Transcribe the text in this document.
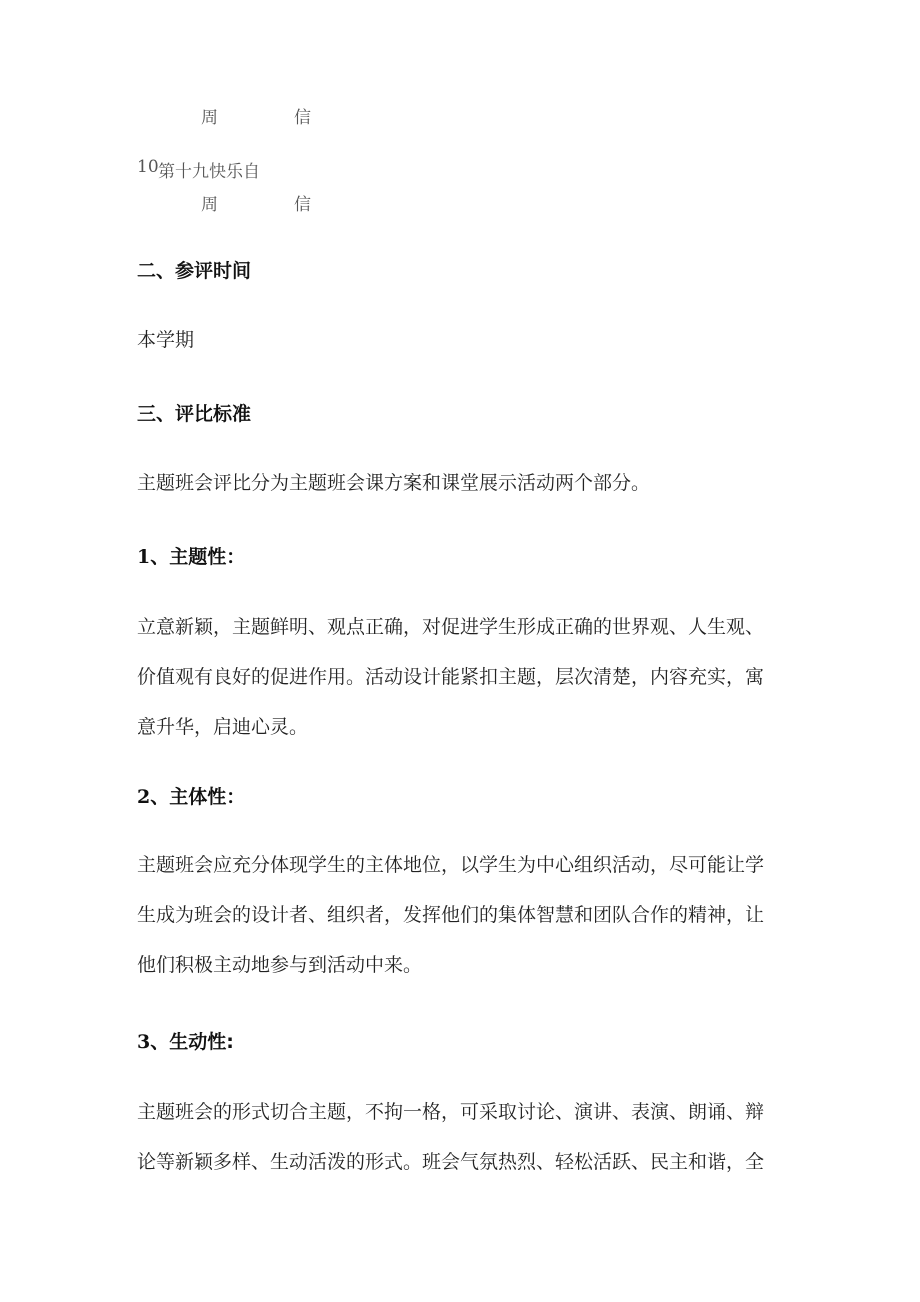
周	信
10 第十九快乐自
周	信
二、参评时间
本学期
三、评比标准
主题班会评比分为主题班会课方案和课堂展示活动两个部分。
1、主题性：
立意新颖，主题鲜明、观点正确，对促进学生形成正确的世界观、人生观、
价值观有良好的促进作用。活动设计能紧扣主题，层次清楚，内容充实，寓
意升华，启迪心灵。
2、主体性：
主题班会应充分体现学生的主体地位，以学生为中心组织活动，尽可能让学
生成为班会的设计者、组织者，发挥他们的集体智慧和团队合作的精神，让
他们积极主动地参与到活动中来。
3、生动性:
主题班会的形式切合主题，不拘一格，可采取讨论、演讲、表演、朗诵、辩
论等新颖多样、生动活泼的形式。班会气氛热烈、轻松活跃、民主和谐，全
